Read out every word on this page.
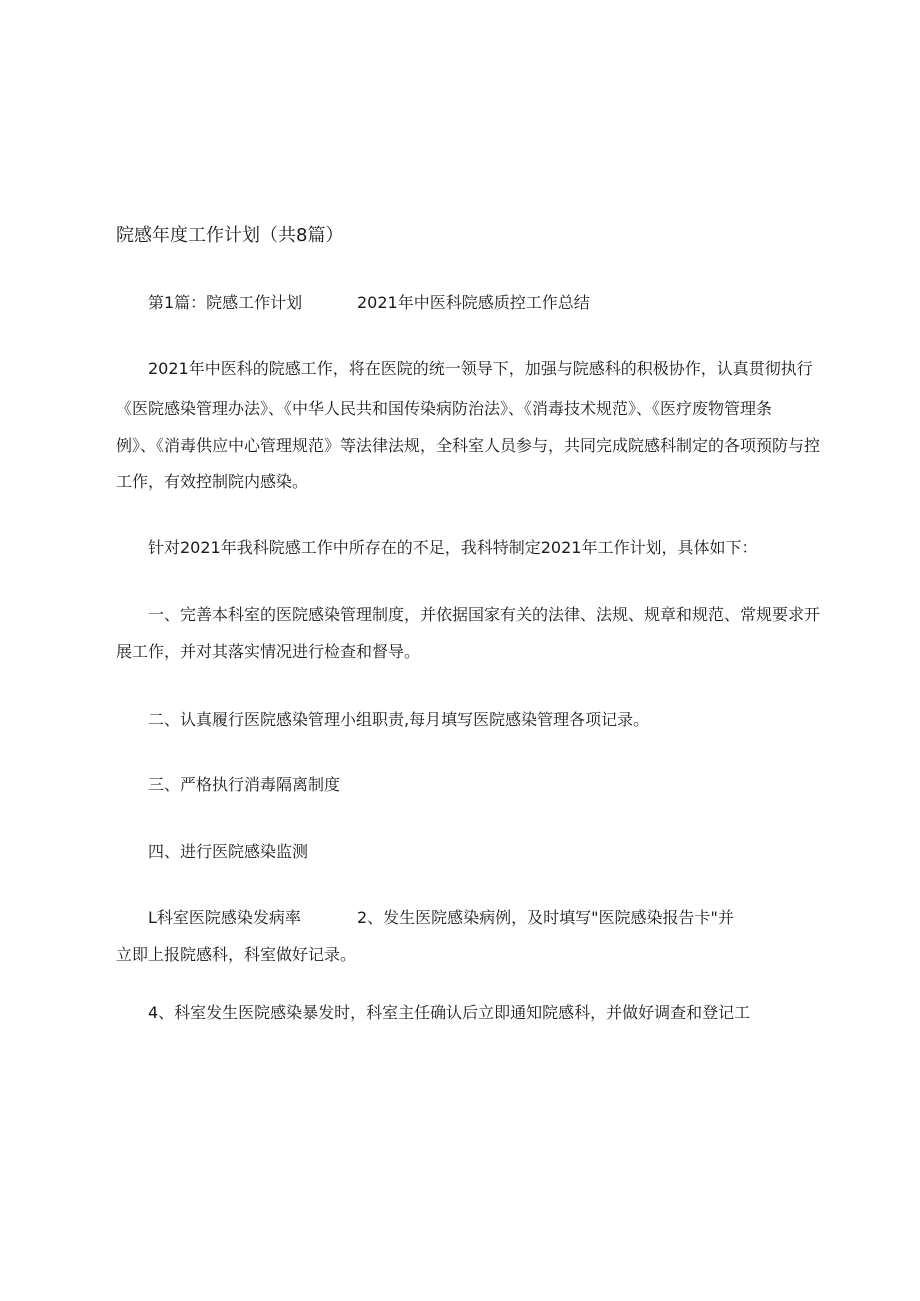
院感年度工作计划（共8篇）
第1篇：院感工作计划	2021年中医科院感质控工作总结
2021年中医科的院感工作，将在医院的统一领导下，加强与院感科的积极协作，认真贯彻执行
《医院感染管理办法》、《中华人民共和国传染病防治法》、《消毒技术规范》、《医疗废物管理条
例》、《消毒供应中心管理规范》等法律法规，全科室人员参与，共同完成院感科制定的各项预防与控
工作，有效控制院内感染。
针对2021年我科院感工作中所存在的不足，我科特制定2021年工作计划，具体如下：
一、完善本科室的医院感染管理制度，并依据国家有关的法律、法规、规章和规范、常规要求开
展工作，并对其落实情况进行检查和督导。
二、认真履行医院感染管理小组职责,每月填写医院感染管理各项记录。
三、严格执行消毒隔离制度
四、进行医院感染监测
L科室医院感染发病率	2、发生医院感染病例，及时填写"医院感染报告卡"并
立即上报院感科，科室做好记录。
4、科室发生医院感染暴发时，科室主任确认后立即通知院感科，并做好调查和登记工
